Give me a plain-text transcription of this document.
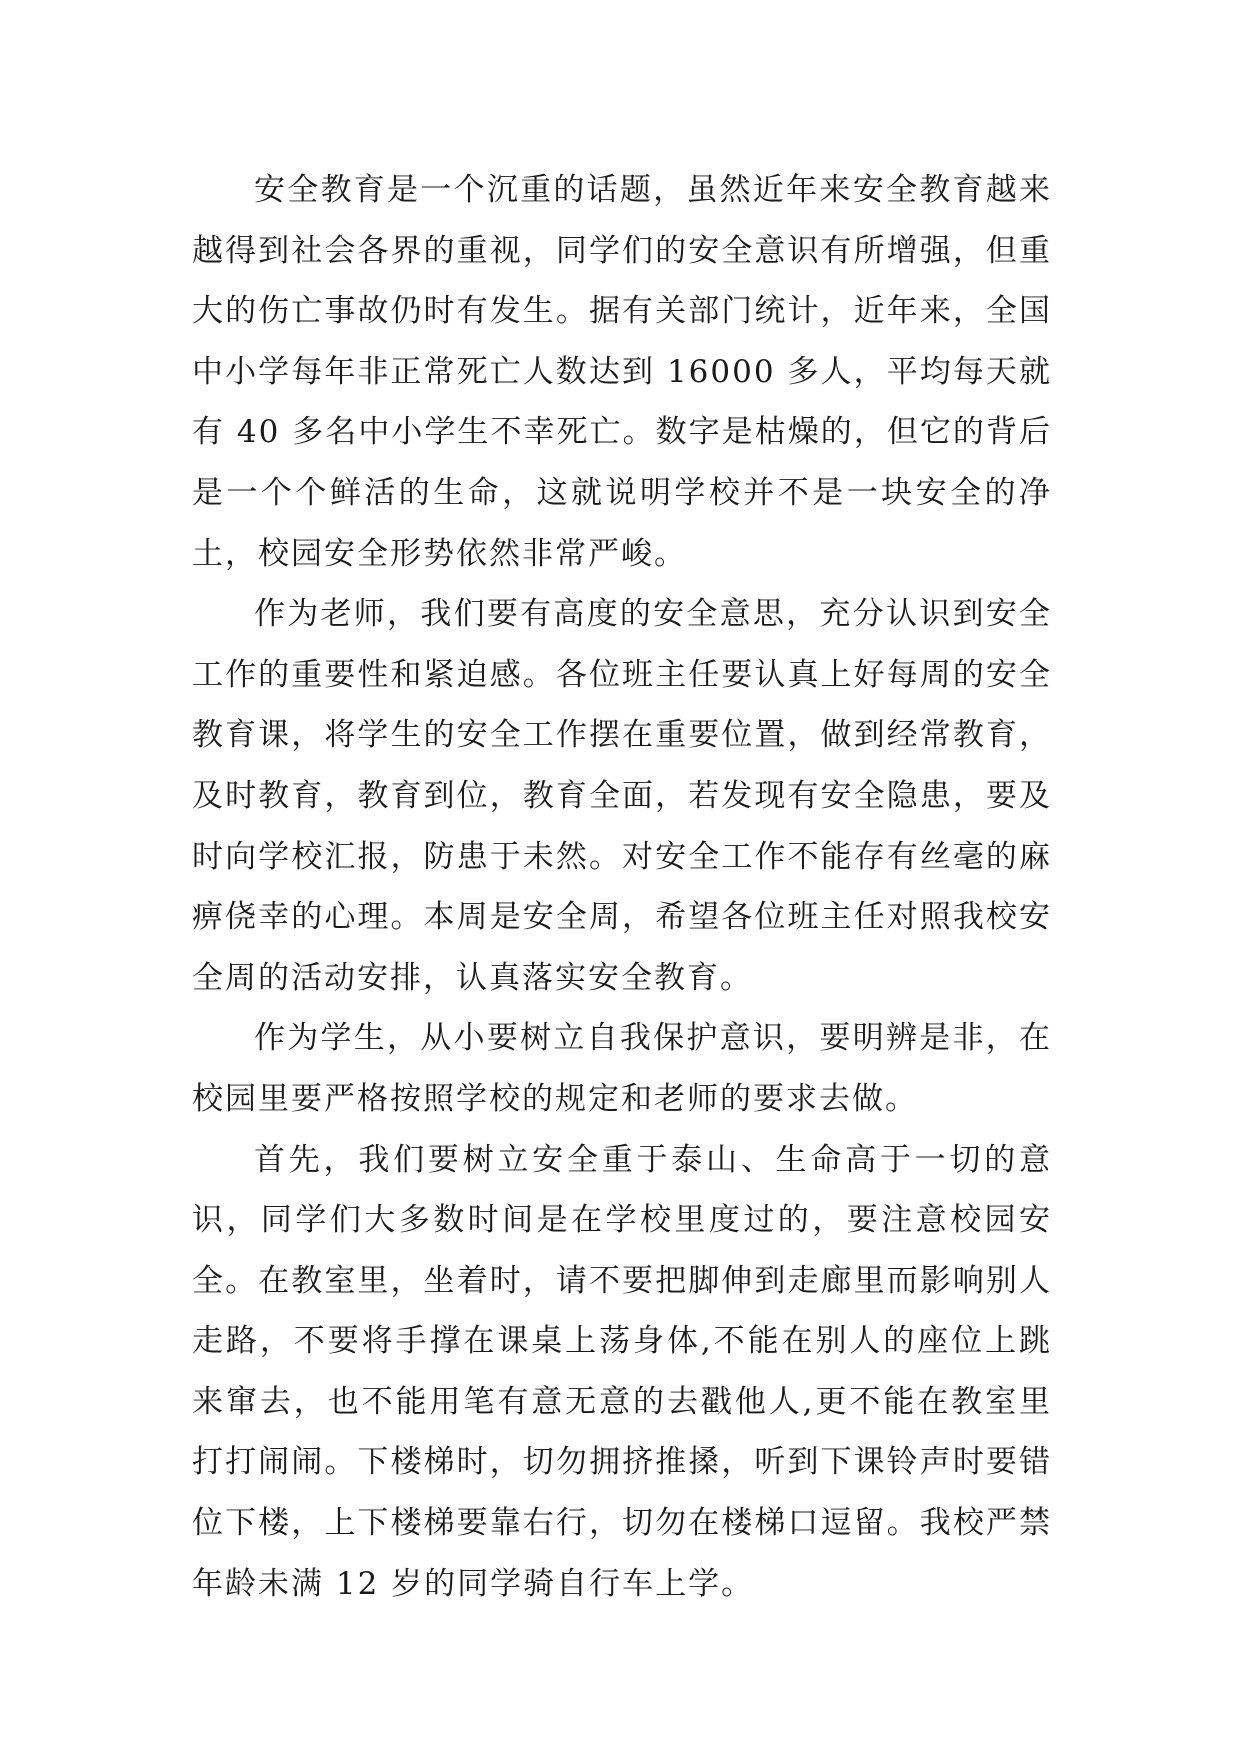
安全教育是一个沉重的话题，虽然近年来安全教育越来越得到社会各界的重视，同学们的安全意识有所增强，但重大的伤亡事故仍时有发生。据有关部门统计，近年来，全国中小学每年非正常死亡人数达到 16000 多人，平均每天就有 40 多名中小学生不幸死亡。数字是枯燥的，但它的背后是一个个鲜活的生命，这就说明学校并不是一块安全的净土，校园安全形势依然非常严峻。

作为老师，我们要有高度的安全意思，充分认识到安全工作的重要性和紧迫感。各位班主任要认真上好每周的安全教育课，将学生的安全工作摆在重要位置，做到经常教育，及时教育，教育到位，教育全面，若发现有安全隐患，要及时向学校汇报，防患于未然。对安全工作不能存有丝毫的麻痹侥幸的心理。本周是安全周，希望各位班主任对照我校安全周的活动安排，认真落实安全教育。

作为学生，从小要树立自我保护意识，要明辨是非，在校园里要严格按照学校的规定和老师的要求去做。

首先，我们要树立安全重于泰山、生命高于一切的意识，同学们大多数时间是在学校里度过的，要注意校园安全。在教室里，坐着时，请不要把脚伸到走廊里而影响别人走路，不要将手撑在课桌上荡身体,不能在别人的座位上跳来窜去，也不能用笔有意无意的去戳他人,更不能在教室里打打闹闹。下楼梯时，切勿拥挤推搡，听到下课铃声时要错位下楼，上下楼梯要靠右行，切勿在楼梯口逗留。我校严禁年龄未满 12 岁的同学骑自行车上学。
